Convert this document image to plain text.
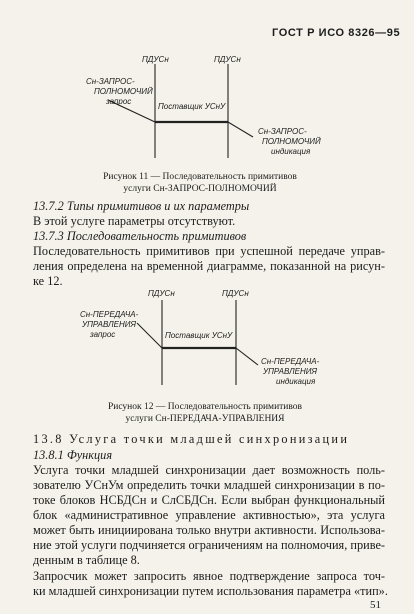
ГОСТ Р ИСО 8326—95
ПДУСн	ПДУСн
Сн-ЗАПРОС-
ПОЛНОМОЧИЙ
запрос
Поставщик УСнУ
Сн-ЗАПРОС-
ПОЛНОМОЧИЙ
индикация
Рисунок 11 — Последовательность примитивов
услуги Сн-ЗАПРОС-ПОЛНОМОЧИЙ
13.7.2 Типы примитивов и их параметры
В этой услуге параметры отсутствуют.
13.7.3 Последовательность примитивов
Последовательность примитивов при успешной передаче управ-
ления определена на временной диаграмме, показанной на рисун-
ке 12.
ПДУСн	ПДУСн
Сн-ПЕРЕДАЧА-
УПРАВЛЕНИЯ
запрос	Поставщик УСнУ
Сн-ПЕРЕДАЧА-
УПРАВЛЕНИЯ
индикация
Рисунок 12 — Последовательность примитивов
услуги Сн-ПЕРЕДАЧА-УПРАВЛЕНИЯ
13.8 Услуга точки младшей синхронизации
13.8.1 Функция
Услуга точки младшей синхронизации дает возможность поль-
зователю УСнУм определить точки младшей синхронизации в по-
токе блоков НСБДСн и СлСБДСн. Если выбран функциональный
блок «административное управление активностью», эта услуга
может быть инициирована только внутри активности. Использова-
ние этой услуги подчиняется ограничениям на полномочия, приве-
денным в таблице 8.
Запросчик может запросить явное подтверждение запроса точ-
ки младшей синхронизации путем использования параметра «тип».
51
